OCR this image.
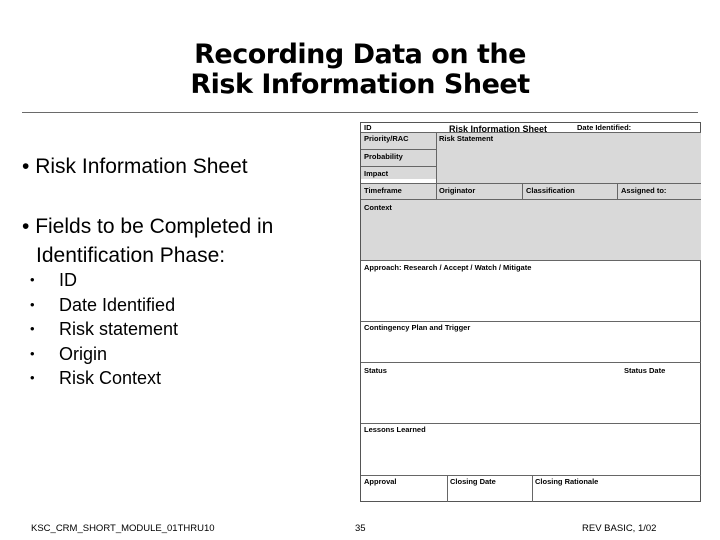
Recording Data on the
Risk Information Sheet
• Risk Information Sheet
• Fields to be Completed in
Identification Phase:
• ID
• Date Identified
• Risk statement
• Origin
• Risk Context
ID	Risk Information Sheet	Date Identified:
Priority/RAC	Risk Statement
Probability
Impact
Timeframe	Originator	Classification	Assigned to:
Context
Approach: Research / Accept / Watch / Mitigate
Contingency Plan and Trigger
Status	Status Date
Lessons Learned
Approval	Closing Date	Closing Rationale
KSC_CRM_SHORT_MODULE_01THRU10	35	REV BASIC, 1/02
